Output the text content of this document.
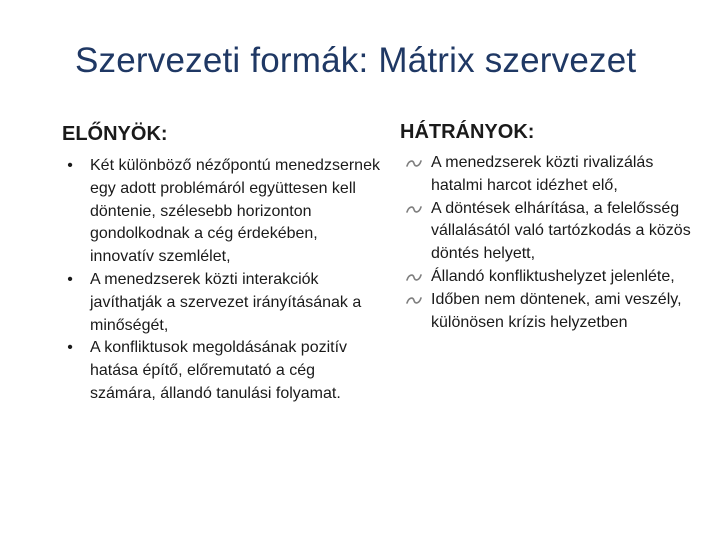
Szervezeti formák: Mátrix szervezet
ELŐNYÖK:	HÁTRÁNYOK:
•	Két különböző nézőpontú menedzsernek egy adott problémáról együttesen kell döntenie, szélesebb horizonton gondolkodnak a cég érdekében, innovatív szemlélet,
•	A menedzserek közti interakciók javíthatják a szervezet irányításának a minőségét,
•	A konfliktusok megoldásának pozitív hatása építő, előremutató a cég számára, állandó tanulási folyamat.
A menedzserek közti rivalizálás hatalmi harcot idézhet elő,
A döntések elhárítása, a felelősség vállalásától való tartózkodás a közös döntés helyett,
Állandó konfliktushelyzet jelenléte,
Időben nem döntenek, ami veszély, különösen krízis helyzetben
